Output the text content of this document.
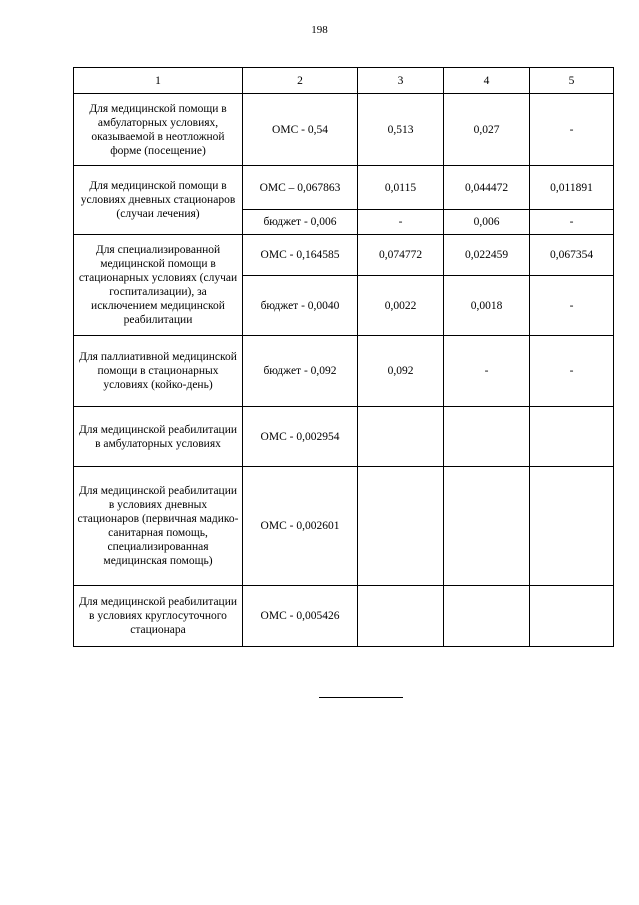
198
1	2	3	4	5
Для медицинской помощи в амбулаторных условиях, оказываемой в неотложной форме (посещение)	ОМС - 0,54	0,513	0,027	-
Для медицинской помощи в условиях дневных стационаров (случаи лечения)	ОМС – 0,067863	0,0115	0,044472	0,011891
	бюджет - 0,006	-	0,006	-
Для специализированной медицинской помощи в стационарных условиях (случаи госпитализации), за исключением медицинской реабилитации	ОМС - 0,164585	0,074772	0,022459	0,067354
	бюджет - 0,0040	0,0022	0,0018	-
Для паллиативной медицинской помощи в стационарных условиях (койко-день)	бюджет - 0,092	0,092	-	-
Для медицинской реабилитации в амбулаторных условиях	ОМС - 0,002954			
Для медицинской реабилитации в условиях дневных стационаров (первичная мадико-санитарная помощь, специализированная медицинская помощь)	ОМС - 0,002601			
Для медицинской реабилитации в условиях круглосуточного стационара	ОМС - 0,005426			
